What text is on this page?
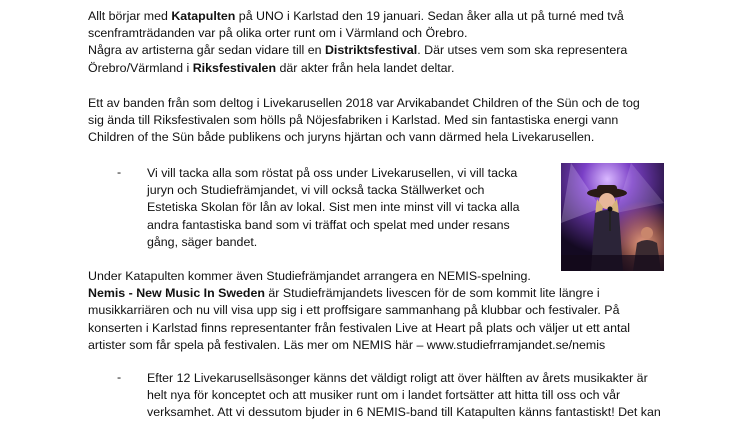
Allt börjar med Katapulten på UNO i Karlstad den 19 januari. Sedan åker alla ut på turné med två
scenframträdanden var på olika orter runt om i Värmland och Örebro.
Några av artisterna går sedan vidare till en Distriktsfestival. Där utses vem som ska representera
Örebro/Värmland i Riksfestivalen där akter från hela landet deltar.
Ett av banden från som deltog i Livekarusellen 2018 var Arvikabandet Children of the Sün och de tog
sig ända till Riksfestivalen som hölls på Nöjesfabriken i Karlstad. Med sin fantastiska energi vann
Children of the Sün både publikens och juryns hjärtan och vann därmed hela Livekarusellen.
- Vi vill tacka alla som röstat på oss under Livekarusellen, vi vill tacka
juryn och Studiefrämjandet, vi vill också tacka Ställwerket och
Estetiska Skolan för lån av lokal. Sist men inte minst vill vi tacka alla
andra fantastiska band som vi träffat och spelat med under resans
gång, säger bandet.
Under Katapulten kommer även Studiefrämjandet arrangera en NEMIS-spelning.
Nemis - New Music In Sweden är Studiefrämjandets livescen för de som kommit lite längre i
musikkarriären och nu vill visa upp sig i ett proffsigare sammanhang på klubbar och festivaler. På
konserten i Karlstad finns representanter från festivalen Live at Heart på plats och väljer ut ett antal
artister som får spela på festivalen. Läs mer om NEMIS här – www.studiefrramjandet.se/nemis
- Efter 12 Livekarusellsäsonger känns det väldigt roligt att över hälften av årets musikakter är
helt nya för konceptet och att musiker runt om i landet fortsätter att hitta till oss och vår
verksamhet. Att vi dessutom bjuder in 6 NEMIS-band till Katapulten känns fantastiskt! Det kan
